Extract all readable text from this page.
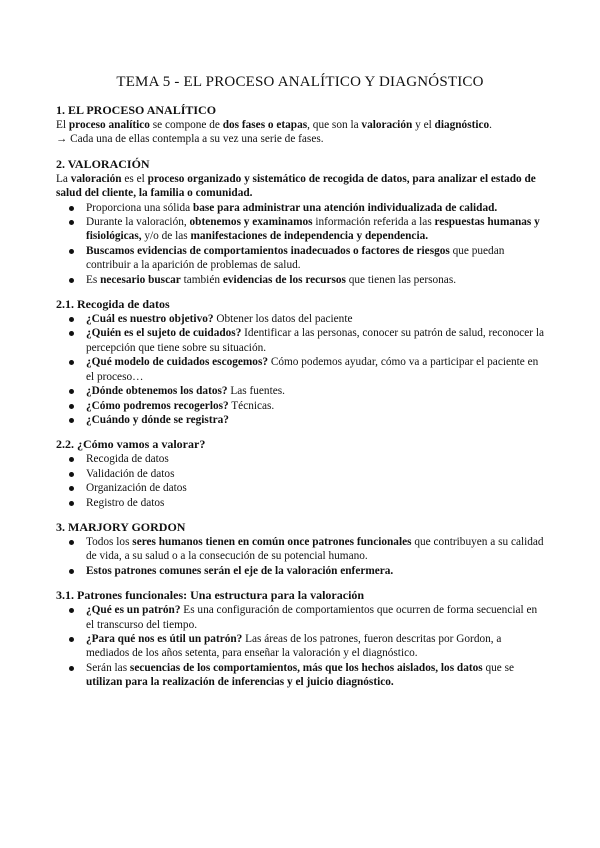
TEMA 5 - EL PROCESO ANALÍTICO Y DIAGNÓSTICO
1. EL PROCESO ANALÍTICO

El proceso analítico se compone de dos fases o etapas, que son la valoración y el diagnóstico.

→ Cada una de ellas contempla a su vez una serie de fases.

2. VALORACIÓN

La valoración es el proceso organizado y sistemático de recogida de datos, para analizar el estado de salud del cliente, la familia o comunidad.

Proporciona una sólida base para administrar una atención individualizada de calidad.
Durante la valoración, obtenemos y examinamos información referida a las respuestas humanas y fisiológicas, y/o de las manifestaciones de independencia y dependencia.
Buscamos evidencias de comportamientos inadecuados o factores de riesgos que puedan contribuir a la aparición de problemas de salud.
Es necesario buscar también evidencias de los recursos que tienen las personas.
2.1. Recogida de datos
¿Cuál es nuestro objetivo? Obtener los datos del paciente
¿Quién es el sujeto de cuidados? Identificar a las personas, conocer su patrón de salud, reconocer la percepción que tiene sobre su situación.
¿Qué modelo de cuidados escogemos? Cómo podemos ayudar, cómo va a participar el paciente en el proceso…
¿Dónde obtenemos los datos? Las fuentes.
¿Cómo podremos recogerlos? Técnicas.
¿Cuándo y dónde se registra?
2.2. ¿Cómo vamos a valorar?
Recogida de datos
Validación de datos
Organización de datos
Registro de datos
3. MARJORY GORDON
Todos los seres humanos tienen en común once patrones funcionales que contribuyen a su calidad de vida, a su salud o a la consecución de su potencial humano.
Estos patrones comunes serán el eje de la valoración enfermera.
3.1. Patrones funcionales: Una estructura para la valoración
¿Qué es un patrón? Es una configuración de comportamientos que ocurren de forma secuencial en el transcurso del tiempo.
¿Para qué nos es útil un patrón? Las áreas de los patrones, fueron descritas por Gordon, a mediados de los años setenta, para enseñar la valoración y el diagnóstico.
Serán las secuencias de los comportamientos, más que los hechos aislados, los datos que se utilizan para la realización de inferencias y el juicio diagnóstico.
